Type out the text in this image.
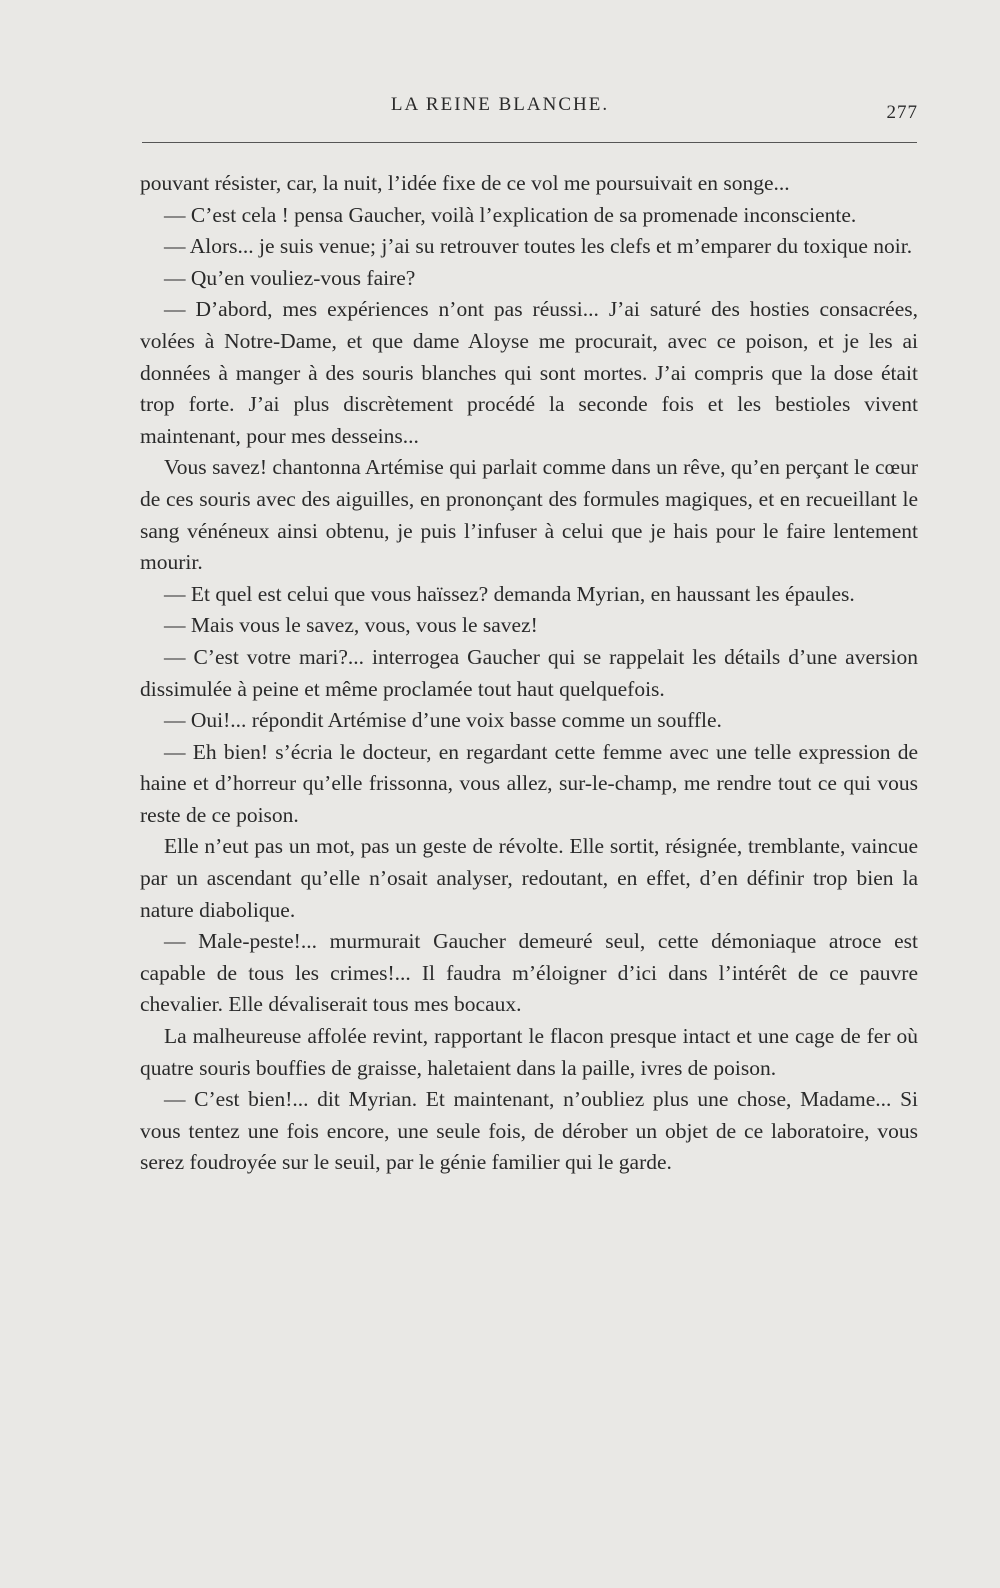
LA REINE BLANCHE.	277

pouvant résister, car, la nuit, l’idée fixe de ce vol me poursuivait en songe...

— C’est cela ! pensa Gaucher, voilà l’explication de sa promenade inconsciente.

— Alors... je suis venue; j’ai su retrouver toutes les clefs et m’emparer du toxique noir.

— Qu’en vouliez-vous faire?

— D’abord, mes expériences n’ont pas réussi... J’ai saturé des hosties consacrées, volées à Notre-Dame, et que dame Aloyse me procurait, avec ce poison, et je les ai données à manger à des souris blanches qui sont mortes. J’ai compris que la dose était trop forte. J’ai plus discrètement procédé la seconde fois et les bestioles vivent maintenant, pour mes desseins...

Vous savez! chantonna Artémise qui parlait comme dans un rêve, qu’en perçant le cœur de ces souris avec des aiguilles, en prononçant des formules magiques, et en recueillant le sang vénéneux ainsi obtenu, je puis l’infuser à celui que je hais pour le faire lentement mourir.

— Et quel est celui que vous haïssez? demanda Myrian, en haussant les épaules.

— Mais vous le savez, vous, vous le savez!

— C’est votre mari?... interrogea Gaucher qui se rappelait les détails d’une aversion dissimulée à peine et même proclamée tout haut quelquefois.

— Oui!... répondit Artémise d’une voix basse comme un souffle.

— Eh bien! s’écria le docteur, en regardant cette femme avec une telle expression de haine et d’horreur qu’elle frissonna, vous allez, sur-le-champ, me rendre tout ce qui vous reste de ce poison.

Elle n’eut pas un mot, pas un geste de révolte. Elle sortit, résignée, tremblante, vaincue par un ascendant qu’elle n’osait analyser, redoutant, en effet, d’en définir trop bien la nature diabolique.

— Male-peste!... murmurait Gaucher demeuré seul, cette démoniaque atroce est capable de tous les crimes!... Il faudra m’éloigner d’ici dans l’intérêt de ce pauvre chevalier. Elle dévaliserait tous mes bocaux.

La malheureuse affolée revint, rapportant le flacon presque intact et une cage de fer où quatre souris bouffies de graisse, haletaient dans la paille, ivres de poison.

— C’est bien!... dit Myrian. Et maintenant, n’oubliez plus une chose, Madame... Si vous tentez une fois encore, une seule fois, de dérober un objet de ce laboratoire, vous serez foudroyée sur le seuil, par le génie familier qui le garde.
